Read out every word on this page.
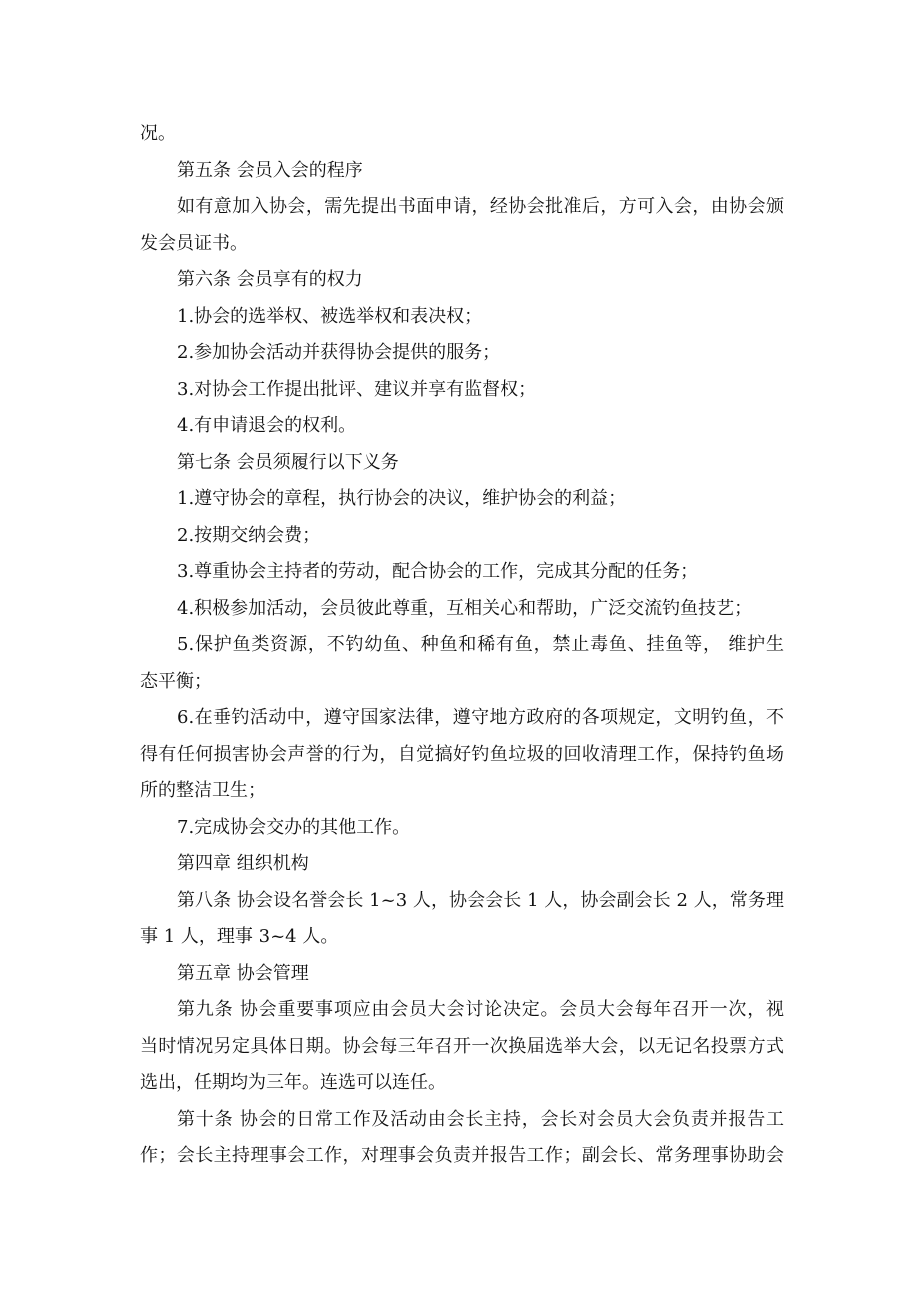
况。
第五条 会员入会的程序
如有意加入协会，需先提出书面申请，经协会批准后，方可入会，由协会颁
发会员证书。
第六条 会员享有的权力
1.协会的选举权、被选举权和表决权；
2.参加协会活动并获得协会提供的服务；
3.对协会工作提出批评、建议并享有监督权；
4.有申请退会的权利。
第七条 会员须履行以下义务
1.遵守协会的章程，执行协会的决议，维护协会的利益；
2.按期交纳会费；
3.尊重协会主持者的劳动，配合协会的工作，完成其分配的任务；
4.积极参加活动，会员彼此尊重，互相关心和帮助，广泛交流钓鱼技艺；
5.保护鱼类资源，不钓幼鱼、种鱼和稀有鱼，禁止毒鱼、挂鱼等， 维护生
态平衡；
6.在垂钓活动中，遵守国家法律，遵守地方政府的各项规定，文明钓鱼，不
得有任何损害协会声誉的行为，自觉搞好钓鱼垃圾的回收清理工作，保持钓鱼场
所的整洁卫生；
7.完成协会交办的其他工作。
第四章 组织机构
第八条 协会设名誉会长 1~3 人，协会会长 1 人，协会副会长 2 人，常务理
事 1 人，理事 3~4 人。
第五章 协会管理
第九条 协会重要事项应由会员大会讨论决定。会员大会每年召开一次，视
当时情况另定具体日期。协会每三年召开一次换届选举大会，以无记名投票方式
选出，任期均为三年。连选可以连任。
第十条 协会的日常工作及活动由会长主持，会长对会员大会负责并报告工
作；会长主持理事会工作，对理事会负责并报告工作；副会长、常务理事协助会
